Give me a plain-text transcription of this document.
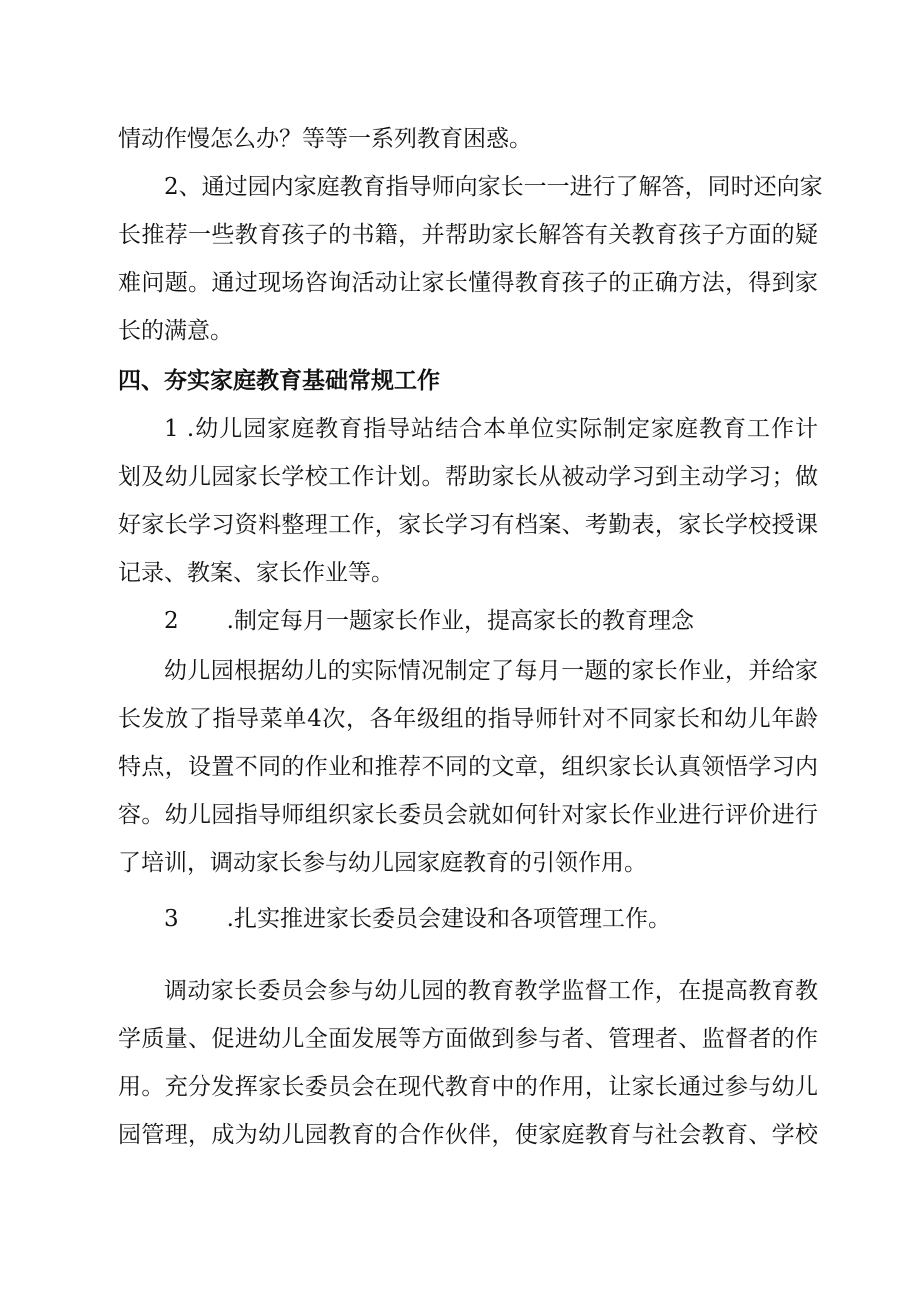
情动作慢怎么办？等等一系列教育困惑。
2、通过园内家庭教育指导师向家长一一进行了解答，同时还向家
长推荐一些教育孩子的书籍，并帮助家长解答有关教育孩子方面的疑
难问题。通过现场咨询活动让家长懂得教育孩子的正确方法，得到家
长的满意。
四、夯实家庭教育基础常规工作
1 .幼儿园家庭教育指导站结合本单位实际制定家庭教育工作计
划及幼儿园家长学校工作计划。帮助家长从被动学习到主动学习；做
好家长学习资料整理工作，家长学习有档案、考勤表，家长学校授课
记录、教案、家长作业等。
2 .制定每月一题家长作业，提高家长的教育理念
幼儿园根据幼儿的实际情况制定了每月一题的家长作业，并给家
长发放了指导菜单4次，各年级组的指导师针对不同家长和幼儿年龄
特点，设置不同的作业和推荐不同的文章，组织家长认真领悟学习内
容。幼儿园指导师组织家长委员会就如何针对家长作业进行评价进行
了培训，调动家长参与幼儿园家庭教育的引领作用。
3 .扎实推进家长委员会建设和各项管理工作。
调动家长委员会参与幼儿园的教育教学监督工作，在提高教育教
学质量、促进幼儿全面发展等方面做到参与者、管理者、监督者的作
用。充分发挥家长委员会在现代教育中的作用，让家长通过参与幼儿
园管理，成为幼儿园教育的合作伙伴，使家庭教育与社会教育、学校
